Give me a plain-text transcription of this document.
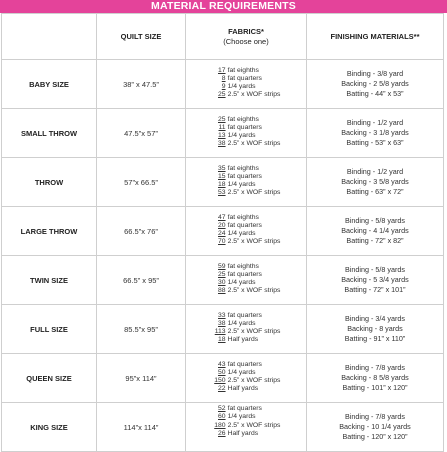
MATERIAL REQUIREMENTS
	QUILT SIZE	FABRICS*
(Choose one)	FINISHING MATERIALS**
BABY SIZE	38” x 47.5”	17 fat eighths
8 fat quarters
9 1/4 yards
25 2.5” x WOF strips	Binding - 3/8 yard
Backing - 2 5/8 yards
Batting - 44” x 53”

SMALL THROW	47.5”x 57”	25 fat eighths
11 fat quarters
13 1/4 yards
38 2.5” x WOF strips	Binding - 1/2 yard
Backing - 3 1/8 yards
Batting - 53” x 63”

THROW	57”x 66.5”	35 fat eighths
15 fat quarters
18 1/4 yards
53 2.5” x WOF strips	Binding - 1/2 yard
Backing - 3 5/8 yards
Batting - 63” x 72”

LARGE THROW	66.5”x 76”	47 fat eighths
20 fat quarters
24 1/4 yards
70 2.5” x WOF strips	Binding - 5/8 yards
Backing - 4 1/4 yards
Batting - 72” x 82”

TWIN SIZE	66.5” x 95”	59 fat eighths
25 fat quarters
30 1/4 yards
88 2.5” x WOF strips	Binding - 5/8 yards
Backing - 5 3/4 yards
Batting - 72” x 101”

FULL SIZE	85.5”x 95”	33 fat quarters
38 1/4 yards
113 2.5” x WOF strips
18 Half yards	Binding - 3/4 yards
Backing - 8 yards
Batting - 91” x 110”

QUEEN SIZE	95”x 114”	43 fat quarters
50 1/4 yards
150 2.5” x WOF strips
22 Half yards	Binding - 7/8 yards
Backing - 8 5/8 yards
Batting - 101” x 120”

KING SIZE	114”x 114”	52 fat quarters
60 1/4 yards
180 2.5” x WOF strips
26 Half yards	Binding - 7/8 yards
Backing - 10 1/4 yards
Batting - 120” x 120”
